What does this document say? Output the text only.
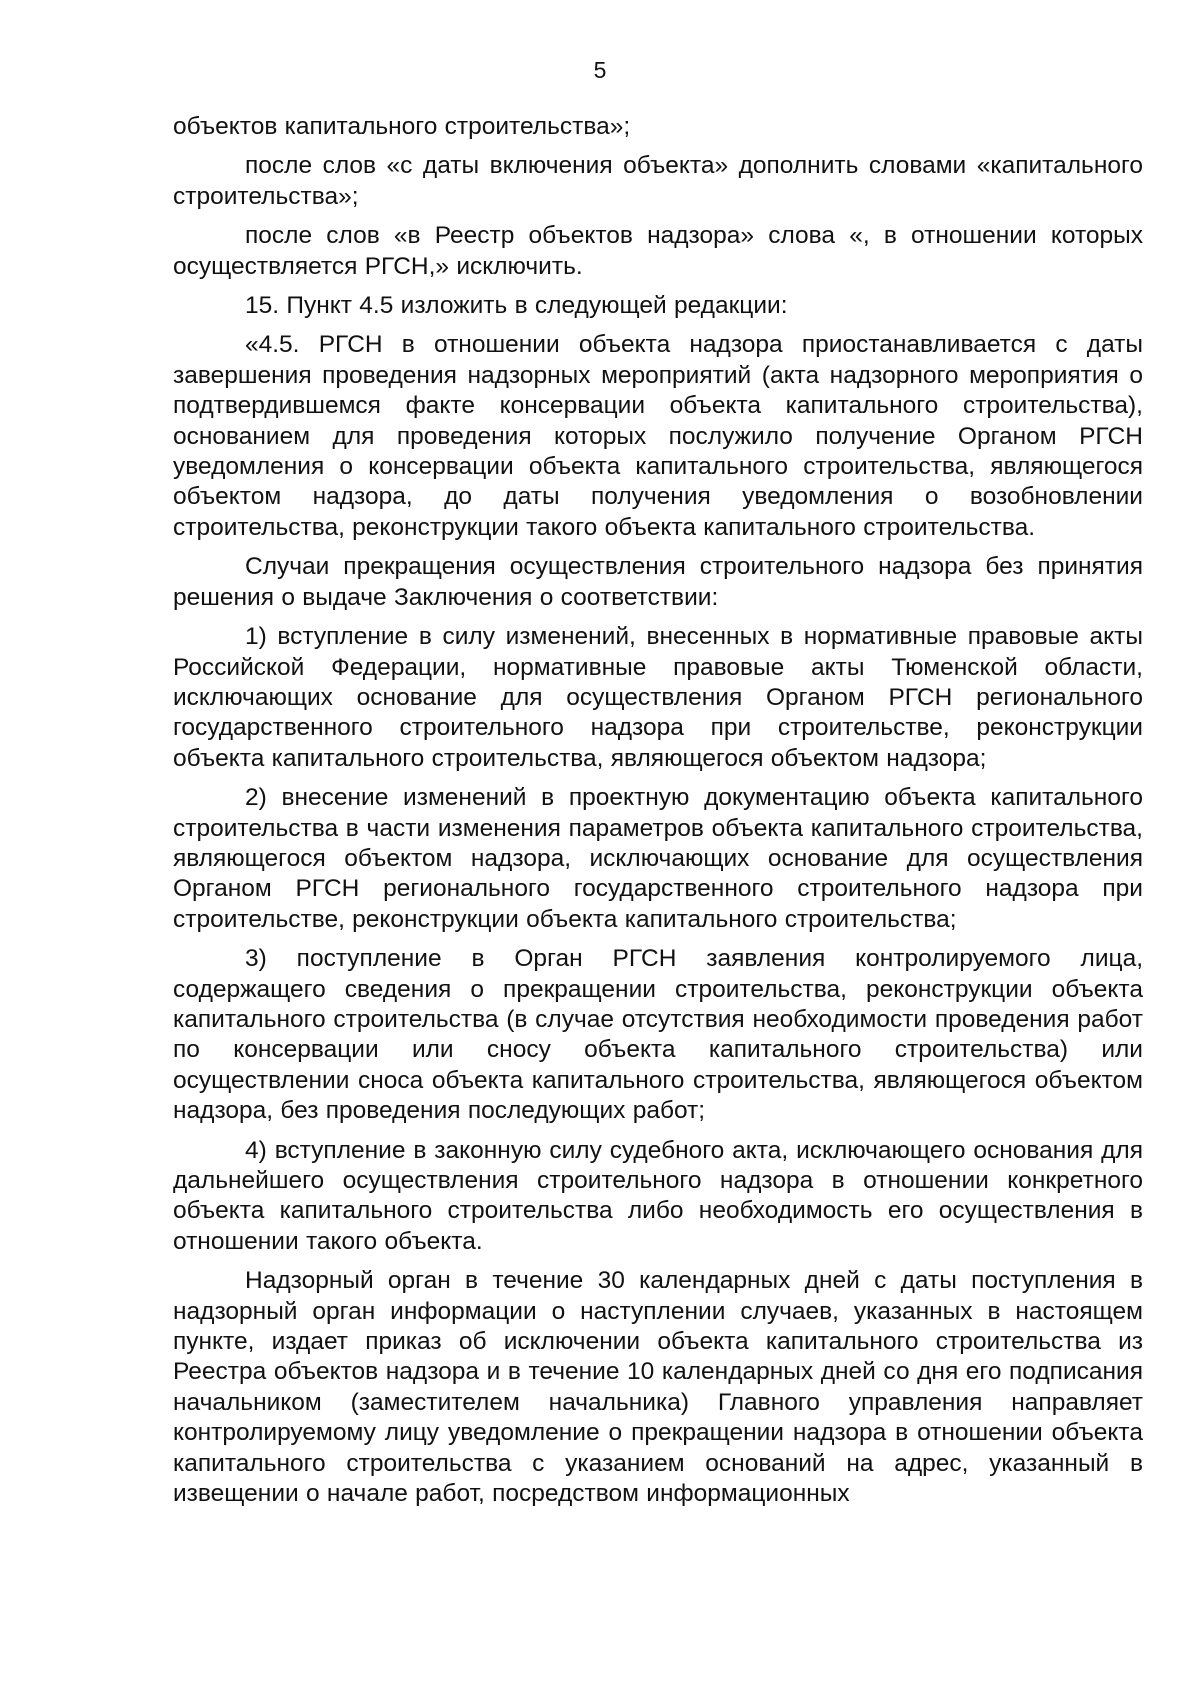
5

объектов капитального строительства»;

после слов «с даты включения объекта» дополнить словами «капитального строительства»;

после слов «в Реестр объектов надзора» слова «, в отношении которых осуществляется РГСН,» исключить.

15. Пункт 4.5 изложить в следующей редакции:

«4.5. РГСН в отношении объекта надзора приостанавливается с даты завершения проведения надзорных мероприятий (акта надзорного мероприятия о подтвердившемся факте консервации объекта капитального строительства), основанием для проведения которых послужило получение Органом РГСН уведомления о консервации объекта капитального строительства, являющегося объектом надзора, до даты получения уведомления о возобновлении строительства, реконструкции такого объекта капитального строительства.

Случаи прекращения осуществления строительного надзора без принятия решения о выдаче Заключения о соответствии:

1) вступление в силу изменений, внесенных в нормативные правовые акты Российской Федерации, нормативные правовые акты Тюменской области, исключающих основание для осуществления Органом РГСН регионального государственного строительного надзора при строительстве, реконструкции объекта капитального строительства, являющегося объектом надзора;

2) внесение изменений в проектную документацию объекта капитального строительства в части изменения параметров объекта капитального строительства, являющегося объектом надзора, исключающих основание для осуществления Органом РГСН регионального государственного строительного надзора при строительстве, реконструкции объекта капитального строительства;

3) поступление в Орган РГСН заявления контролируемого лица, содержащего сведения о прекращении строительства, реконструкции объекта капитального строительства (в случае отсутствия необходимости проведения работ по консервации или сносу объекта капитального строительства) или осуществлении сноса объекта капитального строительства, являющегося объектом надзора, без проведения последующих работ;

4) вступление в законную силу судебного акта, исключающего основания для дальнейшего осуществления строительного надзора в отношении конкретного объекта капитального строительства либо необходимость его осуществления в отношении такого объекта.

Надзорный орган в течение 30 календарных дней с даты поступления в надзорный орган информации о наступлении случаев, указанных в настоящем пункте, издает приказ об исключении объекта капитального строительства из Реестра объектов надзора и в течение 10 календарных дней со дня его подписания начальником (заместителем начальника) Главного управления направляет контролируемому лицу уведомление о прекращении надзора в отношении объекта капитального строительства с указанием оснований на адрес, указанный в извещении о начале работ, посредством информационных
